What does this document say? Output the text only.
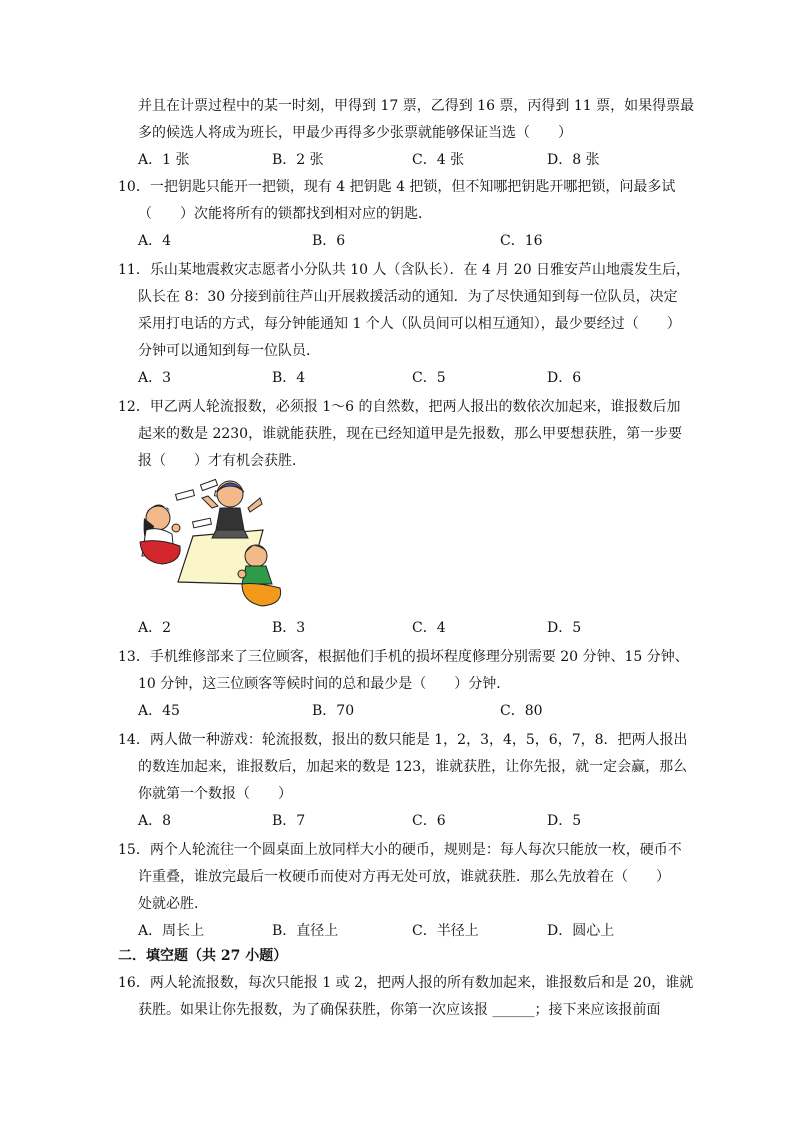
并且在计票过程中的某一时刻，甲得到 17 票，乙得到 16 票，丙得到 11 票，如果得票最
多的候选人将成为班长，甲最少再得多少张票就能够保证当选（　　）
A．1 张	B．2 张	C．4 张	D．8 张
10．一把钥匙只能开一把锁，现有 4 把钥匙 4 把锁，但不知哪把钥匙开哪把锁，问最多试
（　　）次能将所有的锁都找到相对应的钥匙．
A．4	B．6	C．16
11．乐山某地震救灾志愿者小分队共 10 人（含队长）．在 4 月 20 日雅安芦山地震发生后，
队长在 8：30 分接到前往芦山开展救援活动的通知．为了尽快通知到每一位队员，决定
采用打电话的方式，每分钟能通知 1 个人（队员间可以相互通知），最少要经过（　　）
分钟可以通知到每一位队员．
A．3	B．4	C．5	D．6
12．甲乙两人轮流报数，必须报 1～6 的自然数，把两人报出的数依次加起来，谁报数后加
起来的数是 2230，谁就能获胜，现在已经知道甲是先报数，那么甲要想获胜，第一步要
报（　　）才有机会获胜．
A．2	B．3	C．4	D．5
13．手机维修部来了三位顾客，根据他们手机的损坏程度修理分别需要 20 分钟、15 分钟、
10 分钟，这三位顾客等候时间的总和最少是（　　）分钟．
A．45	B．70	C．80
14．两人做一种游戏：轮流报数，报出的数只能是 1，2，3，4，5，6，7，8．把两人报出
的数连加起来，谁报数后，加起来的数是 123，谁就获胜，让你先报，就一定会赢，那么
你就第一个数报（　　）
A．8	B．7	C．6	D．5
15．两个人轮流往一个圆桌面上放同样大小的硬币，规则是：每人每次只能放一枚，硬币不
许重叠，谁放完最后一枚硬币而使对方再无处可放，谁就获胜．那么先放着在（　　）
处就必胜．
A．周长上	B．直径上	C．半径上	D．圆心上
二．填空题（共 27 小题）
16．两人轮流报数，每次只能报 1 或 2，把两人报的所有数加起来，谁报数后和是 20，谁就
获胜。如果让你先报数，为了确保获胜，你第一次应该报 ______；接下来应该报前面
